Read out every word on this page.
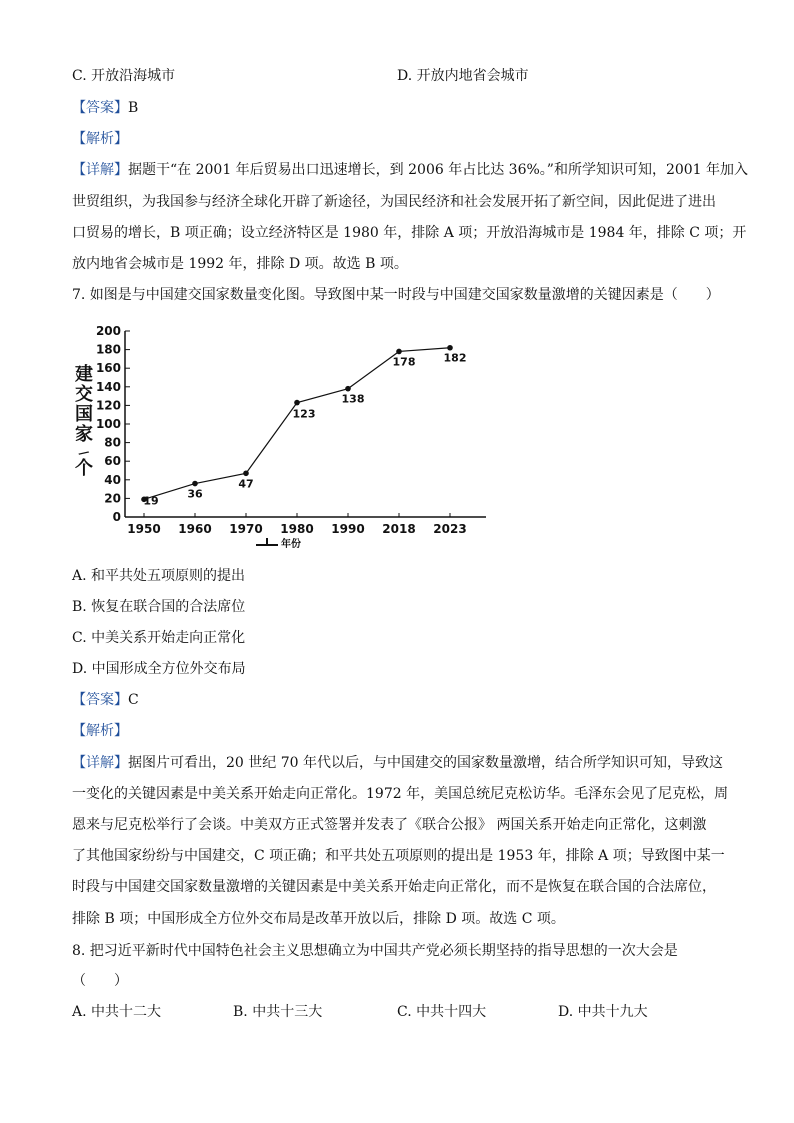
C. 开放沿海城市	D. 开放内地省会城市
【答案】B
【解析】
【详解】据题干“在 2001 年后贸易出口迅速增长，到 2006 年占比达 36%。”和所学知识可知，2001 年加入
世贸组织，为我国参与经济全球化开辟了新途径，为国民经济和社会发展开拓了新空间，因此促进了进出
口贸易的增长，B 项正确；设立经济特区是 1980 年，排除 A 项；开放沿海城市是 1984 年，排除 C 项；开
放内地省会城市是 1992 年，排除 D 项。故选 B 项。
7. 如图是与中国建交国家数量变化图。导致图中某一时段与中国建交国家数量激增的关键因素是（　　）
0
20
40
60
80
100
120
140
160
180
200
1950 1960 1970 1980 1990 2018 2023
19
36
47
123
138
178	182
建
交
国
家
/
个
年份
A. 和平共处五项原则的提出
B. 恢复在联合国的合法席位
C. 中美关系开始走向正常化
D. 中国形成全方位外交布局
【答案】C
【解析】
【详解】据图片可看出，20 世纪 70 年代以后，与中国建交的国家数量激增，结合所学知识可知，导致这
一变化的关键因素是中美关系开始走向正常化。1972 年，美国总统尼克松访华。毛泽东会见了尼克松，周
恩来与尼克松举行了会谈。中美双方正式签署并发表了《联合公报》 两国关系开始走向正常化，这刺激
了其他国家纷纷与中国建交，C 项正确；和平共处五项原则的提出是 1953 年，排除 A 项；导致图中某一
时段与中国建交国家数量激增的关键因素是中美关系开始走向正常化，而不是恢复在联合国的合法席位，
排除 B 项；中国形成全方位外交布局是改革开放以后，排除 D 项。故选 C 项。
8. 把习近平新时代中国特色社会主义思想确立为中国共产党必须长期坚持的指导思想的一次大会是
（　　）
A. 中共十二大	B. 中共十三大	C. 中共十四大	D. 中共十九大
